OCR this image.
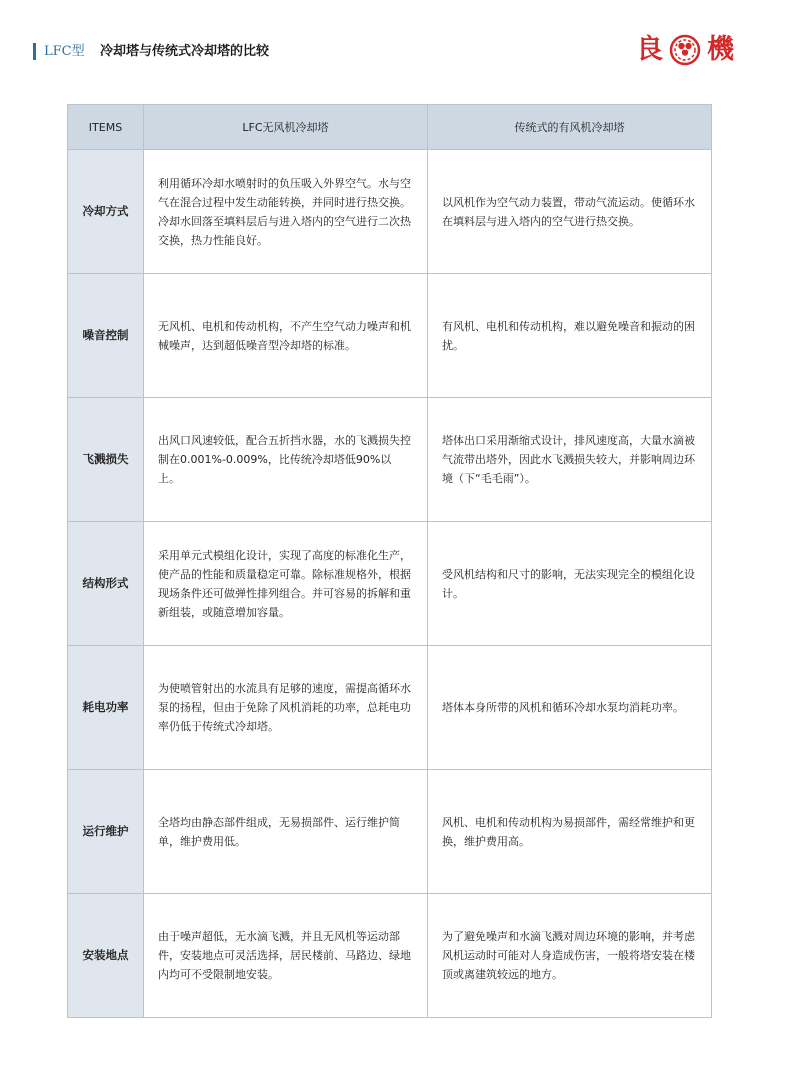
LFC型 冷却塔与传统式冷却塔的比较	良 機
ITEMS	LFC无风机冷却塔	传统式的有风机冷却塔
冷却方式	利用循环冷却水喷射时的负压吸入外界空气。水与空气在混合过程中发生动能转换，并同时进行热交换。冷却水回落至填料层后与进入塔内的空气进行二次热交换，热力性能良好。	以风机作为空气动力装置，带动气流运动。使循环水在填料层与进入塔内的空气进行热交换。
噪音控制	无风机、电机和传动机构，不产生空气动力噪声和机械噪声，达到超低噪音型冷却塔的标准。	有风机、电机和传动机构，难以避免噪音和振动的困扰。
飞溅损失	出风口风速较低，配合五折挡水器，水的飞溅损失控制在0.001%-0.009%，比传统冷却塔低90%以上。	塔体出口采用渐缩式设计，排风速度高，大量水滴被气流带出塔外，因此水飞溅损失较大，并影响周边环境（下“毛毛雨”）。
结构形式	采用单元式模组化设计，实现了高度的标准化生产，使产品的性能和质量稳定可靠。除标准规格外，根据现场条件还可做弹性排列组合。并可容易的拆解和重新组装，或随意增加容量。	受风机结构和尺寸的影响，无法实现完全的模组化设计。
耗电功率	为使喷管射出的水流具有足够的速度，需提高循环水泵的扬程，但由于免除了风机消耗的功率，总耗电功率仍低于传统式冷却塔。	塔体本身所带的风机和循环冷却水泵均消耗功率。
运行维护	全塔均由静态部件组成，无易损部件、运行维护简单，维护费用低。	风机、电机和传动机构为易损部件，需经常维护和更换，维护费用高。
安装地点	由于噪声超低，无水滴飞溅，并且无风机等运动部件，安装地点可灵活选择，居民楼前、马路边、绿地内均可不受限制地安装。	为了避免噪声和水滴飞溅对周边环境的影响，并考虑风机运动时可能对人身造成伤害，一般将塔安装在楼顶或离建筑较远的地方。
